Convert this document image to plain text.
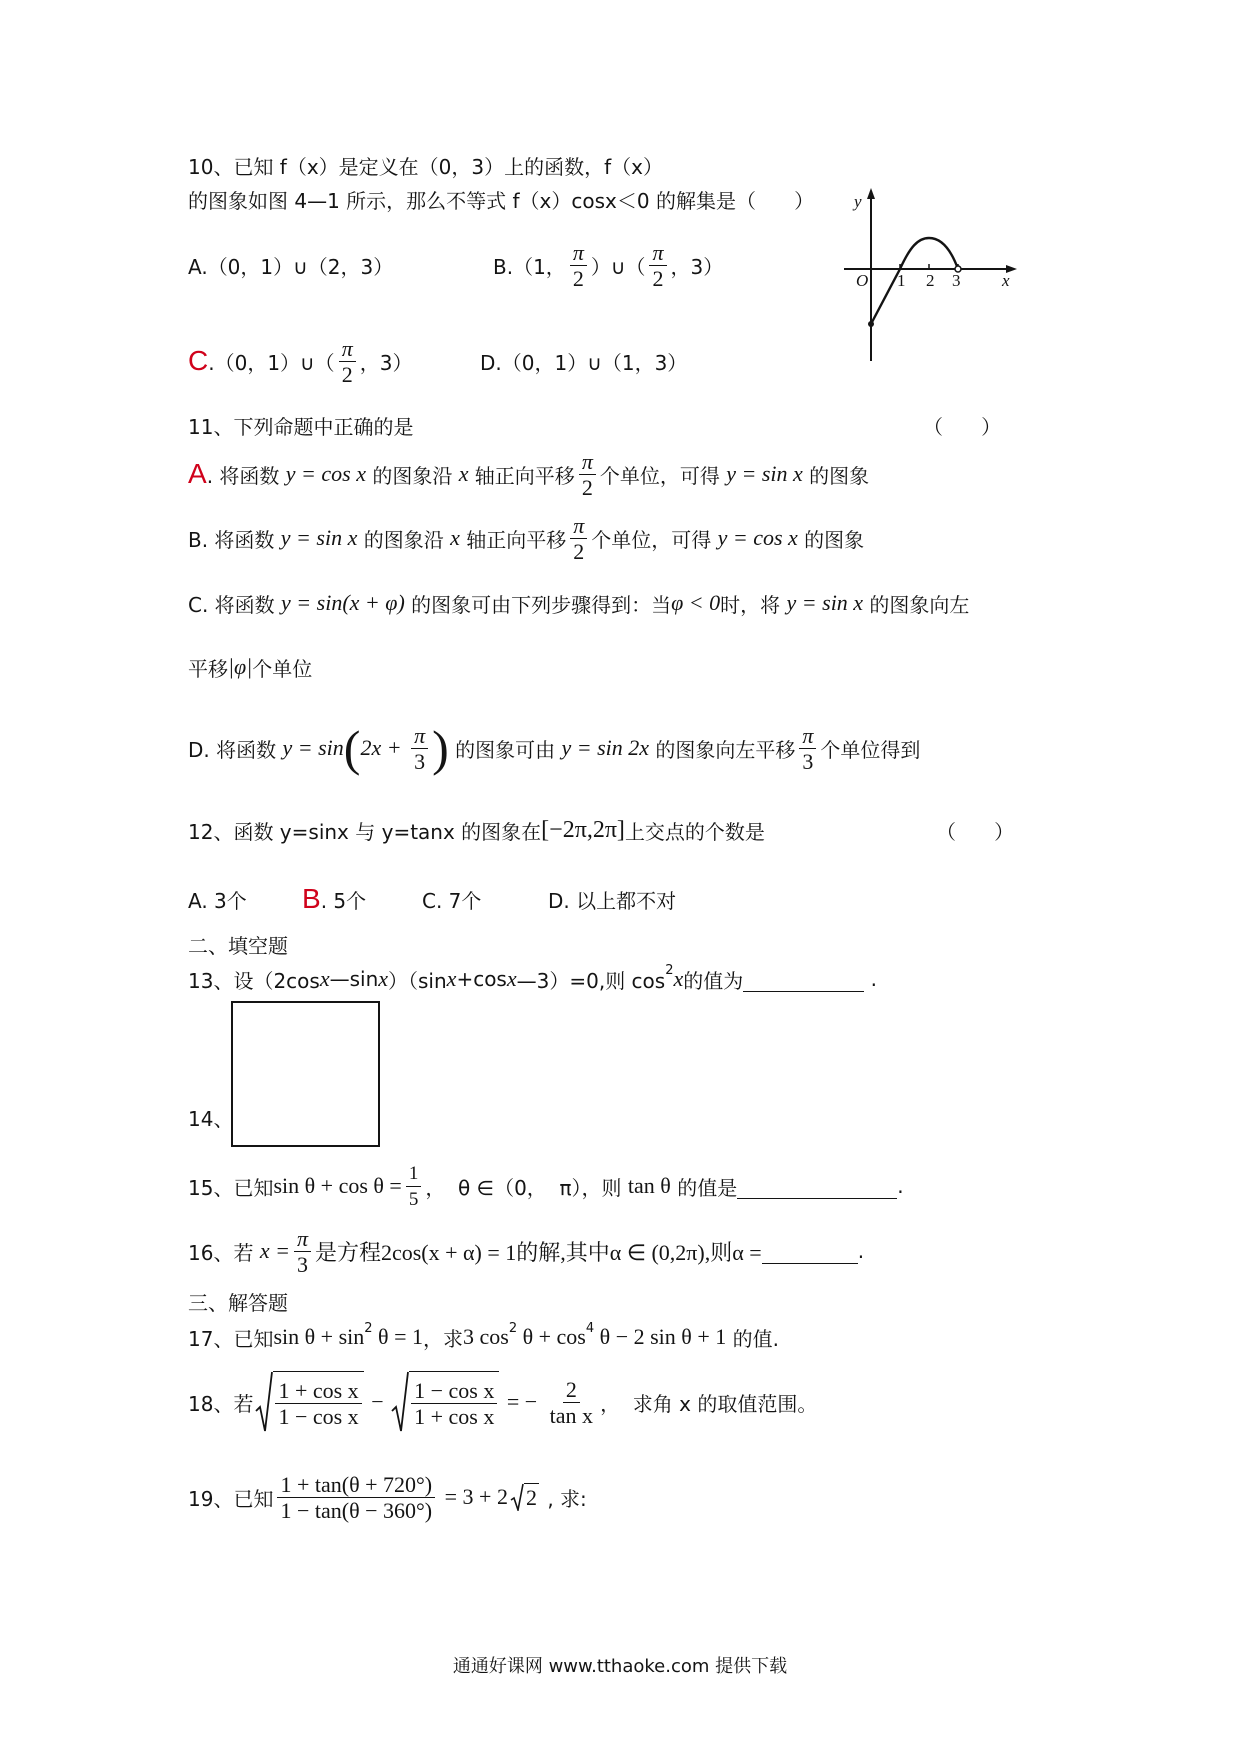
10、已知 f（x）是定义在（0，3）上的函数，f（x）
的图象如图 4—1 所示，那么不等式 f（x）cosx＜0 的解集是（      ）
A.（0，1）∪（2，3）	B.（1， $\frac{\pi}{2}$ ）∪（ $\frac{\pi}{2}$ ，3）
C .（0，1）∪（ $\frac{\pi}{2}$ ，3）	D.（0，1）∪（1，3）
y
O 1 2 3 x
11、下列命题中正确的是	（      ）
A . 将函数 y = cos x 的图象沿 x 轴正向平移 $\frac{\pi}{2}$ 个单位，可得 y = sin x 的图象
B. 将函数 y = sin x 的图象沿 x 轴正向平移 $\frac{\pi}{2}$ 个单位，可得 y = cos x 的图象
C. 将函数 y = sin(x + φ) 的图象可由下列步骤得到：当 φ < 0 时，将 y = sin x 的图象向左
平移 |φ| 个单位
D. 将函数 y = sin ( $2x + \frac{\pi}{3}$ ) 的图象可由 y = sin 2x 的图象向左平移 $\frac{\pi}{3}$ 个单位得到
12、函数 y=sinx 与 y=tanx 的图象在 [−2π,2π] 上交点的个数是	（      ）
A. 3个 B . 5个	C. 7个	D. 以上都不对
二、填空题
13、设（2cos x —sin x ）（sin x +cos x —3）=0,则 cos 2 x 的值为	.
14、
15、已知 $\sin \theta + \cos \theta = \frac{1}{5}$ ，  θ ∈（0，  π），则 tan θ 的值是	.
16、若 $x = \frac{\pi}{3}$ 是方程2cos(x + α) = 1的解,其中α ∈ (0,2π),则α =	.
三、解答题
17、已知 sin θ + sin 2 θ = 1 ，求 3 cos 2 θ + cos 4 θ − 2 sin θ + 1 的值.
18、若 $\frac{\text{1 + cos x}}{\text{1 − cos x}} - \frac{\text{1 − cos x}}{\text{1 + cos x}}$ = − $\frac{2}{\text{tan x}}$ ，  求角 x 的取值范围。
19、已知 $\frac{1 + \tan(\theta + 720^\circ)}{1 - \tan(\theta - 360^\circ)} = 3 + 2$ 2 , 求:
通通好课网 www.tthaoke.com 提供下载
